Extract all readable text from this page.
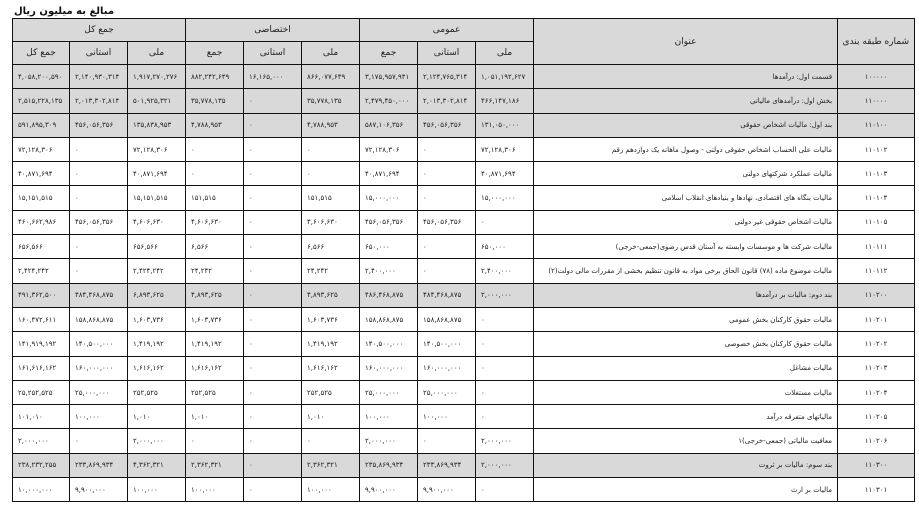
مبالغ به میلیون ریال
شماره طبقه بندی	عنوان	عمومی			اختصاصی			جمع کل		
		ملی	استانی	جمع	ملی	استانی	جمع	ملی	استانی	جمع کل
۱۰۰۰۰۰	قسمت اول: درآمدها	۱,۰۵۱,۱۹۲,۶۲۷	۲,۱۲۴,۷۶۵,۳۱۴	۳,۱۷۵,۹۵۷,۹۴۱	۸۶۶,۰۷۷,۶۴۹	۱۶,۱۶۵,۰۰۰	۸۸۲,۲۴۲,۶۴۹	۱,۹۱۷,۲۷۰,۲۷۶	۲,۱۴۰,۹۳۰,۳۱۴	۴,۰۵۸,۲۰۰,۵۹۰
۱۱۰۰۰۰	بخش اول: درآمدهای مالیاتی	۴۶۶,۱۴۷,۱۸۶	۲,۰۱۳,۳۰۲,۸۱۴	۲,۴۷۹,۴۵۰,۰۰۰	۳۵,۷۷۸,۱۳۵	۰	۳۵,۷۷۸,۱۳۵	۵۰۱,۹۲۵,۳۲۱	۲,۰۱۳,۳۰۲,۸۱۴	۲,۵۱۵,۲۲۸,۱۳۵
۱۱۰۱۰۰	بند اول: مالیات اشخاص حقوقی	۱۳۱,۰۵۰,۰۰۰	۴۵۶,۰۵۶,۳۵۶	۵۸۷,۱۰۶,۳۵۶	۴,۷۸۸,۹۵۳	۰	۴,۷۸۸,۹۵۳	۱۳۵,۸۳۸,۹۵۳	۴۵۶,۰۵۶,۳۵۶	۵۹۱,۸۹۵,۳۰۹
۱۱۰۱۰۲	مالیات علی الحساب اشخاص حقوقی دولتی - وصول ماهانه یک دوازدهم رقم	۷۲,۱۲۸,۳۰۶	۰	۷۲,۱۲۸,۳۰۶	۰	۰	۰	۷۲,۱۲۸,۳۰۶	۰	۷۲,۱۲۸,۳۰۶
۱۱۰۱۰۳	مالیات عملکرد شرکتهای دولتی	۴۰,۸۷۱,۶۹۴	۰	۴۰,۸۷۱,۶۹۴	۰	۰	۰	۴۰,۸۷۱,۶۹۴	۰	۴۰,۸۷۱,۶۹۴
۱۱۰۱۰۴	مالیات بنگاه های اقتصادی، نهادها و بنیادهای انقلاب اسلامی	۱۵,۰۰۰,۰۰۰	۰	۱۵,۰۰۰,۰۰۰	۱۵۱,۵۱۵	۰	۱۵۱,۵۱۵	۱۵,۱۵۱,۵۱۵	۰	۱۵,۱۵۱,۵۱۵
۱۱۰۱۰۵	مالیات اشخاص حقوقی غیر دولتی	۰	۴۵۶,۰۵۶,۳۵۶	۴۵۶,۰۵۶,۳۵۶	۴,۶۰۶,۶۳۰	۰	۴,۶۰۶,۶۳۰	۴,۶۰۶,۶۳۰	۴۵۶,۰۵۶,۳۵۶	۴۶۰,۶۶۲,۹۸۶
۱۱۰۱۱۱	مالیات شرکت ها و موسسات وابسته به آستان قدس رضوی(جمعی-خرجی)	۶۵۰,۰۰۰	۰	۶۵۰,۰۰۰	۶,۵۶۶	۰	۶,۵۶۶	۶۵۶,۵۶۶	۰	۶۵۶,۵۶۶
۱۱۰۱۱۲	مالیات موضوع ماده (۷۸) قانون الحاق برخی مواد به قانون تنظیم بخشی از مقررات مالی دولت(۲)	۲,۴۰۰,۰۰۰	۰	۲,۴۰۰,۰۰۰	۲۴,۲۴۲	۰	۲۴,۲۴۲	۲,۴۲۴,۲۴۲	۰	۲,۴۲۴,۲۴۲
۱۱۰۲۰۰	بند دوم: مالیات بر درآمدها	۲,۰۰۰,۰۰۰	۴۸۴,۴۶۸,۸۷۵	۴۸۶,۴۶۸,۸۷۵	۴,۸۹۳,۶۲۵	۰	۴,۸۹۳,۶۲۵	۶,۸۹۳,۶۲۵	۴۸۴,۴۶۸,۸۷۵	۴۹۱,۳۶۲,۵۰۰
۱۱۰۲۰۱	مالیات حقوق کارکنان بخش عمومی	۰	۱۵۸,۸۶۸,۸۷۵	۱۵۸,۸۶۸,۸۷۵	۱,۶۰۳,۷۳۶	۰	۱,۶۰۳,۷۳۶	۱,۶۰۳,۷۳۶	۱۵۸,۸۶۸,۸۷۵	۱۶۰,۴۷۲,۶۱۱
۱۱۰۲۰۲	مالیات حقوق کارکنان بخش خصوصی	۰	۱۴۰,۵۰۰,۰۰۰	۱۴۰,۵۰۰,۰۰۰	۱,۴۱۹,۱۹۲	۰	۱,۴۱۹,۱۹۲	۱,۴۱۹,۱۹۲	۱۴۰,۵۰۰,۰۰۰	۱۴۱,۹۱۹,۱۹۲
۱۱۰۲۰۳	مالیات مشاغل	۰	۱۶۰,۰۰۰,۰۰۰	۱۶۰,۰۰۰,۰۰۰	۱,۶۱۶,۱۶۲	۰	۱,۶۱۶,۱۶۲	۱,۶۱۶,۱۶۲	۱۶۰,۰۰۰,۰۰۰	۱۶۱,۶۱۶,۱۶۲
۱۱۰۲۰۴	مالیات مستغلات	۰	۲۵,۰۰۰,۰۰۰	۲۵,۰۰۰,۰۰۰	۲۵۲,۵۲۵	۰	۲۵۲,۵۲۵	۲۵۲,۵۲۵	۲۵,۰۰۰,۰۰۰	۲۵,۲۵۲,۵۲۵
۱۱۰۲۰۵	مالیاتهای متفرقه درآمد	۰	۱۰۰,۰۰۰	۱۰۰,۰۰۰	۱,۰۱۰	۰	۱,۰۱۰	۱,۰۱۰	۱۰۰,۰۰۰	۱۰۱,۰۱۰
۱۱۰۲۰۶	معافیت مالیاتی (جمعی-خرجی)۱	۲,۰۰۰,۰۰۰	۰	۲,۰۰۰,۰۰۰	۰	۰	۰	۲,۰۰۰,۰۰۰	۰	۲,۰۰۰,۰۰۰
۱۱۰۳۰۰	بند سوم: مالیات بر ثروت	۲,۰۰۰,۰۰۰	۲۳۳,۸۶۹,۹۳۴	۲۳۵,۸۶۹,۹۳۴	۲,۳۶۲,۳۲۱	۰	۲,۳۶۲,۳۲۱	۴,۳۶۲,۳۲۱	۲۳۳,۸۶۹,۹۳۴	۲۳۸,۲۳۲,۲۵۵
۱۱۰۳۰۱	مالیات بر ارث	۰	۹,۹۰۰,۰۰۰	۹,۹۰۰,۰۰۰	۱۰۰,۰۰۰	۰	۱۰۰,۰۰۰	۱۰۰,۰۰۰	۹,۹۰۰,۰۰۰	۱۰,۰۰۰,۰۰۰
